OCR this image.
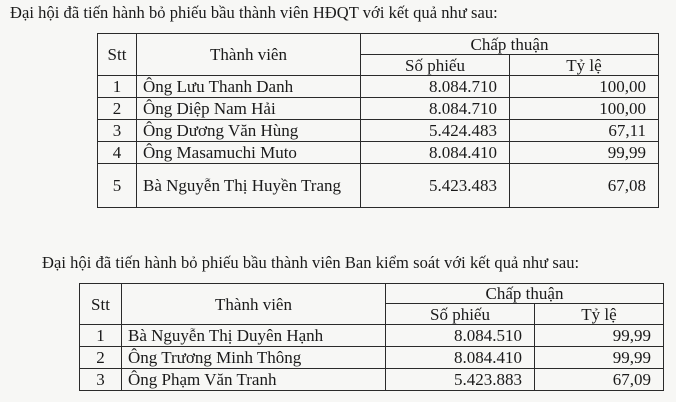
Đại hội đã tiến hành bỏ phiếu bầu thành viên HĐQT với kết quả như sau:
Stt	Thành viên	Chấp thuận	
		Số phiếu	Tỷ lệ
1	Ông Lưu Thanh Danh	8.084.710	100,00
2	Ông Diệp Nam Hải	8.084.710	100,00
3	Ông Dương Văn Hùng	5.424.483	67,11
4	Ông Masamuchi Muto	8.084.410	99,99
5	Bà Nguyễn Thị Huyền Trang	5.423.483	67,08
Đại hội đã tiến hành bỏ phiếu bầu thành viên Ban kiểm soát với kết quả như sau:
Stt	Thành viên	Chấp thuận	
		Số phiếu	Tỷ lệ
1	Bà Nguyễn Thị Duyên Hạnh	8.084.510	99,99
2	Ông Trương Minh Thông	8.084.410	99,99
3	Ông Phạm Văn Tranh	5.423.883	67,09
